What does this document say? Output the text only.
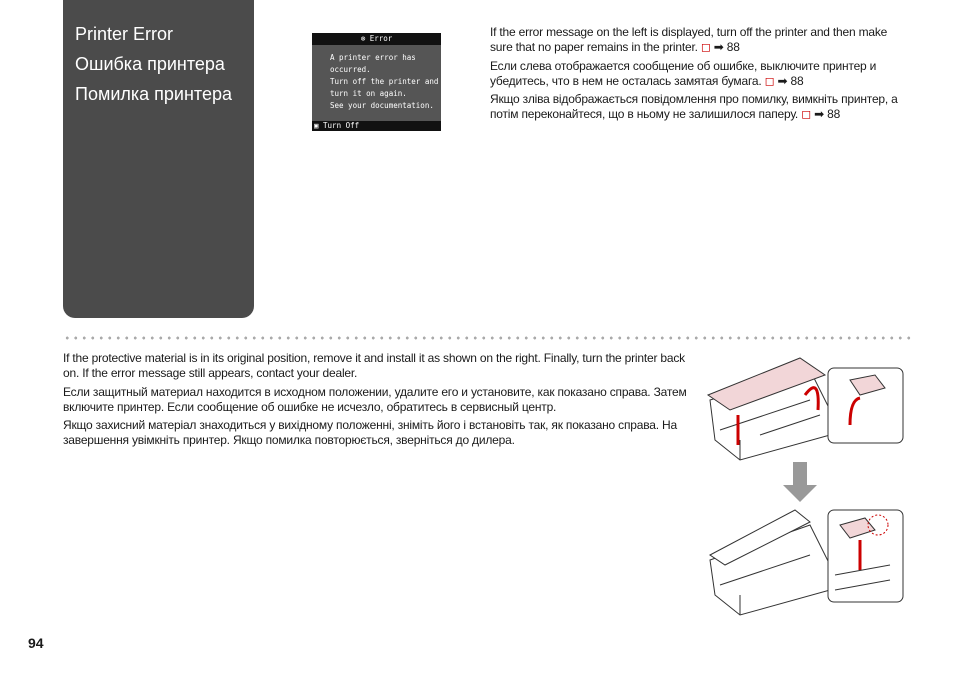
Printer Error
Ошибка принтера
Помилка принтера
⊗ Error
A printer error has
occurred.
Turn off the printer and
turn it on again.
See your documentation.
▣ Turn Off
If the error message on the left is displayed, turn off the printer and then make sure that no paper remains in the printer. ◻ ➡ 88
Если слева отображается сообщение об ошибке, выключите принтер и убедитесь, что в нем не осталась замятая бумага. ◻ ➡ 88
Якщо зліва відображається повідомлення про помилку, вимкніть принтер, а потім переконайтеся, що в ньому не залишилося паперу. ◻ ➡ 88
If the protective material is in its original position, remove it and install it as shown on the right. Finally, turn the printer back on. If the error message still appears, contact your dealer.
Если защитный материал находится в исходном положении, удалите его и установите, как показано справа. Затем включите принтер. Если сообщение об ошибке не исчезло, обратитесь в сервисный центр.
Якщо захисний матеріал знаходиться у вихідному положенні, зніміть його і встановіть так, як показано справа. На завершення увімкніть принтер. Якщо помилка повторюється, зверніться до дилера.
94
